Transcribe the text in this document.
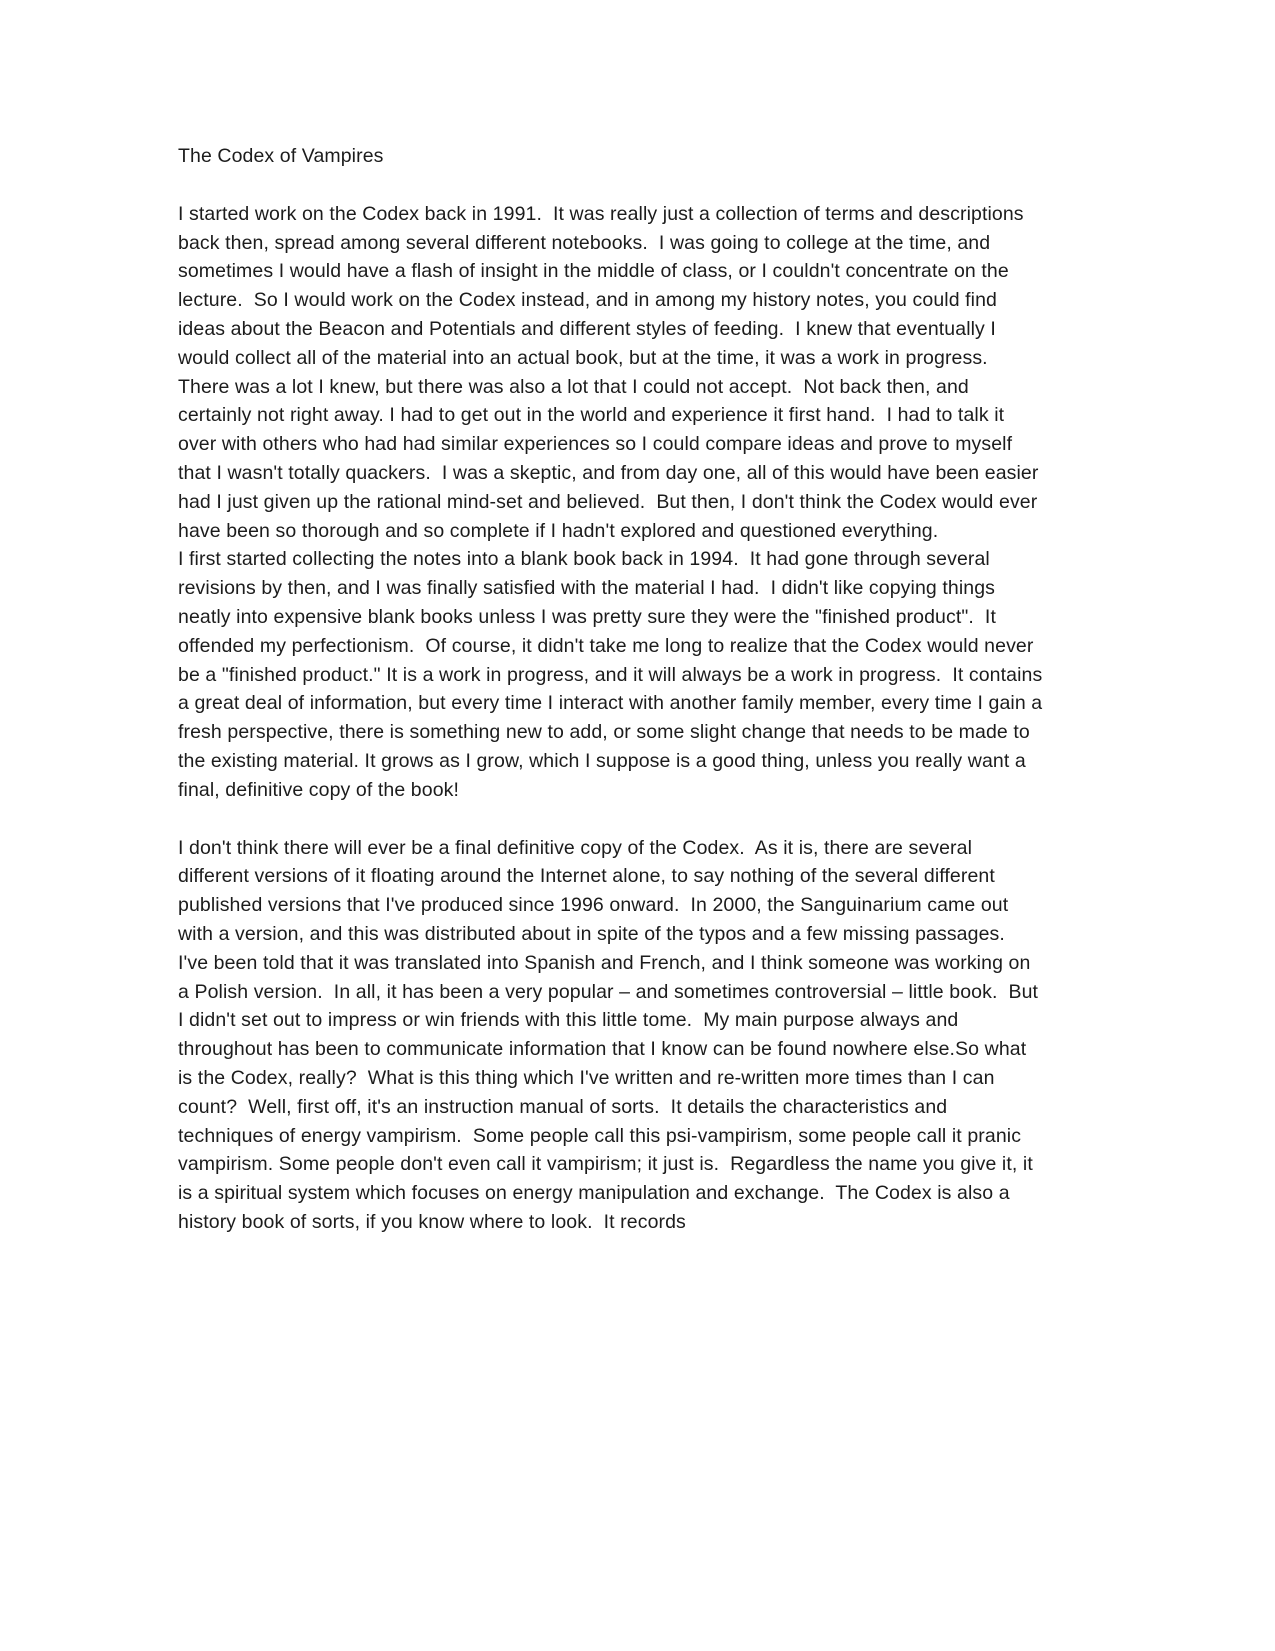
The Codex of Vampires

I started work on the Codex back in 1991.  It was really just a collection of terms and descriptions back then, spread among several different notebooks.  I was going to college at the time, and sometimes I would have a flash of insight in the middle of class, or I couldn't concentrate on the lecture.  So I would work on the Codex instead, and in among my history notes, you could find ideas about the Beacon and Potentials and different styles of feeding.  I knew that eventually I would collect all of the material into an actual book, but at the time, it was a work in progress.  There was a lot I knew, but there was also a lot that I could not accept.  Not back then, and certainly not right away. I had to get out in the world and experience it first hand.  I had to talk it over with others who had had similar experiences so I could compare ideas and prove to myself that I wasn't totally quackers.  I was a skeptic, and from day one, all of this would have been easier had I just given up the rational mind-set and believed.  But then, I don't think the Codex would ever have been so thorough and so complete if I hadn't explored and questioned everything.

I first started collecting the notes into a blank book back in 1994.  It had gone through several revisions by then, and I was finally satisfied with the material I had.  I didn't like copying things neatly into expensive blank books unless I was pretty sure they were the "finished product".  It offended my perfectionism.  Of course, it didn't take me long to realize that the Codex would never be a "finished product." It is a work in progress, and it will always be a work in progress.  It contains a great deal of information, but every time I interact with another family member, every time I gain a fresh perspective, there is something new to add, or some slight change that needs to be made to the existing material. It grows as I grow, which I suppose is a good thing, unless you really want a final, definitive copy of the book!

I don't think there will ever be a final definitive copy of the Codex.  As it is, there are several different versions of it floating around the Internet alone, to say nothing of the several different published versions that I've produced since 1996 onward.  In 2000, the Sanguinarium came out with a version, and this was distributed about in spite of the typos and a few missing passages.  I've been told that it was translated into Spanish and French, and I think someone was working on a Polish version.  In all, it has been a very popular – and sometimes controversial – little book.  But I didn't set out to impress or win friends with this little tome.  My main purpose always and throughout has been to communicate information that I know can be found nowhere else.So what is the Codex, really?  What is this thing which I've written and re-written more times than I can count?  Well, first off, it's an instruction manual of sorts.  It details the characteristics and techniques of energy vampirism.  Some people call this psi-vampirism, some people call it pranic vampirism. Some people don't even call it vampirism; it just is.  Regardless the name you give it, it is a spiritual system which focuses on energy manipulation and exchange.  The Codex is also a history book of sorts, if you know where to look.  It records
